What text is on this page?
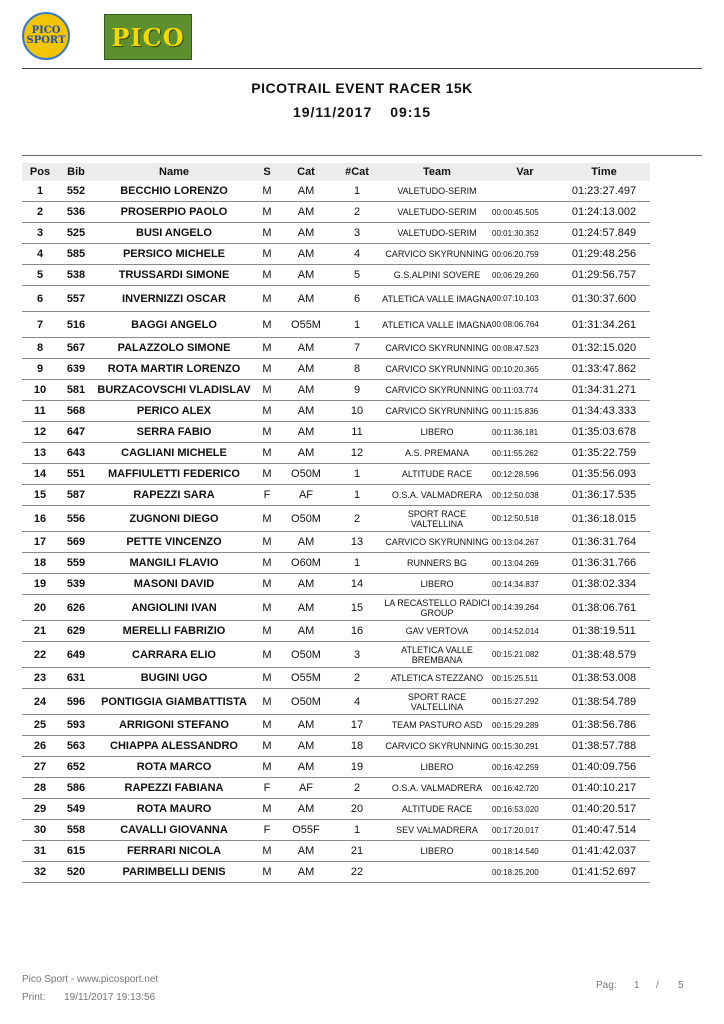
PICO
SPORT PICO
PICOTRAIL EVENT RACER 15K
19/11/2017 09:15
Pos	Bib	Name	S	Cat	#Cat	Team	Var	Time
1	552	BECCHIO LORENZO	M	AM	1	VALETUDO-SERIM		01:23:27.497
2	536	PROSERPIO PAOLO	M	AM	2	VALETUDO-SERIM	00:00:45.505	01:24:13.002
3	525	BUSI ANGELO	M	AM	3	VALETUDO-SERIM	00:01:30.352	01:24:57.849
4	585	PERSICO MICHELE	M	AM	4	CARVICO SKYRUNNING	00:06:20.759	01:29:48.256
5	538	TRUSSARDI SIMONE	M	AM	5	G.S.ALPINI SOVERE	00:06:29.260	01:29:56.757
6	557	INVERNIZZI OSCAR	M	AM	6	ATLETICA VALLE IMAGNA	00:07:10.103	01:30:37.600
7	516	BAGGI ANGELO	M	O55M	1	ATLETICA VALLE IMAGNA	00:08:06.764	01:31:34.261
8	567	PALAZZOLO SIMONE	M	AM	7	CARVICO SKYRUNNING	00:08:47.523	01:32:15.020
9	639	ROTA MARTIR LORENZO	M	AM	8	CARVICO SKYRUNNING	00:10:20.365	01:33:47.862
10	581	BURZACOVSCHI VLADISLAV	M	AM	9	CARVICO SKYRUNNING	00:11:03.774	01:34:31.271
11	568	PERICO ALEX	M	AM	10	CARVICO SKYRUNNING	00:11:15.836	01:34:43.333
12	647	SERRA FABIO	M	AM	11	LIBERO	00:11:36.181	01:35:03.678
13	643	CAGLIANI MICHELE	M	AM	12	A.S. PREMANA	00:11:55.262	01:35:22.759
14	551	MAFFIULETTI FEDERICO	M	O50M	1	ALTITUDE RACE	00:12:28.596	01:35:56.093
15	587	RAPEZZI SARA	F	AF	1	O.S.A. VALMADRERA	00:12:50.038	01:36:17.535
16	556	ZUGNONI DIEGO	M	O50M	2	SPORT RACE VALTELLINA	00:12:50.518	01:36:18.015
17	569	PETTE VINCENZO	M	AM	13	CARVICO SKYRUNNING	00:13:04.267	01:36:31.764
18	559	MANGILI FLAVIO	M	O60M	1	RUNNERS BG	00:13:04.269	01:36:31.766
19	539	MASONI DAVID	M	AM	14	LIBERO	00:14:34.837	01:38:02.334
20	626	ANGIOLINI IVAN	M	AM	15	LA RECASTELLO RADICI GROUP	00:14:39.264	01:38:06.761
21	629	MERELLI FABRIZIO	M	AM	16	GAV VERTOVA	00:14:52.014	01:38:19.511
22	649	CARRARA ELIO	M	O50M	3	ATLETICA VALLE BREMBANA	00:15:21.082	01:38:48.579
23	631	BUGINI UGO	M	O55M	2	ATLETICA STEZZANO	00:15:25.511	01:38:53.008
24	596	PONTIGGIA GIAMBATTISTA	M	O50M	4	SPORT RACE VALTELLINA	00:15:27.292	01:38:54.789
25	593	ARRIGONI STEFANO	M	AM	17	TEAM PASTURO ASD	00:15:29.289	01:38:56.786
26	563	CHIAPPA ALESSANDRO	M	AM	18	CARVICO SKYRUNNING	00:15:30.291	01:38:57.788
27	652	ROTA MARCO	M	AM	19	LIBERO	00:16:42.259	01:40:09.756
28	586	RAPEZZI FABIANA	F	AF	2	O.S.A. VALMADRERA	00:16:42.720	01:40:10.217
29	549	ROTA MAURO	M	AM	20	ALTITUDE RACE	00:16:53.020	01:40:20.517
30	558	CAVALLI GIOVANNA	F	O55F	1	SEV VALMADRERA	00:17:20.017	01:40:47.514
31	615	FERRARI NICOLA	M	AM	21	LIBERO	00:18:14.540	01:41:42.037
32	520	PARIMBELLI DENIS	M	AM	22		00:18:25.200	01:41:52.697
Pico Sport - www.picosport.net
Print: 19/11/2017 19:13:56
Pag: 1 / 5
